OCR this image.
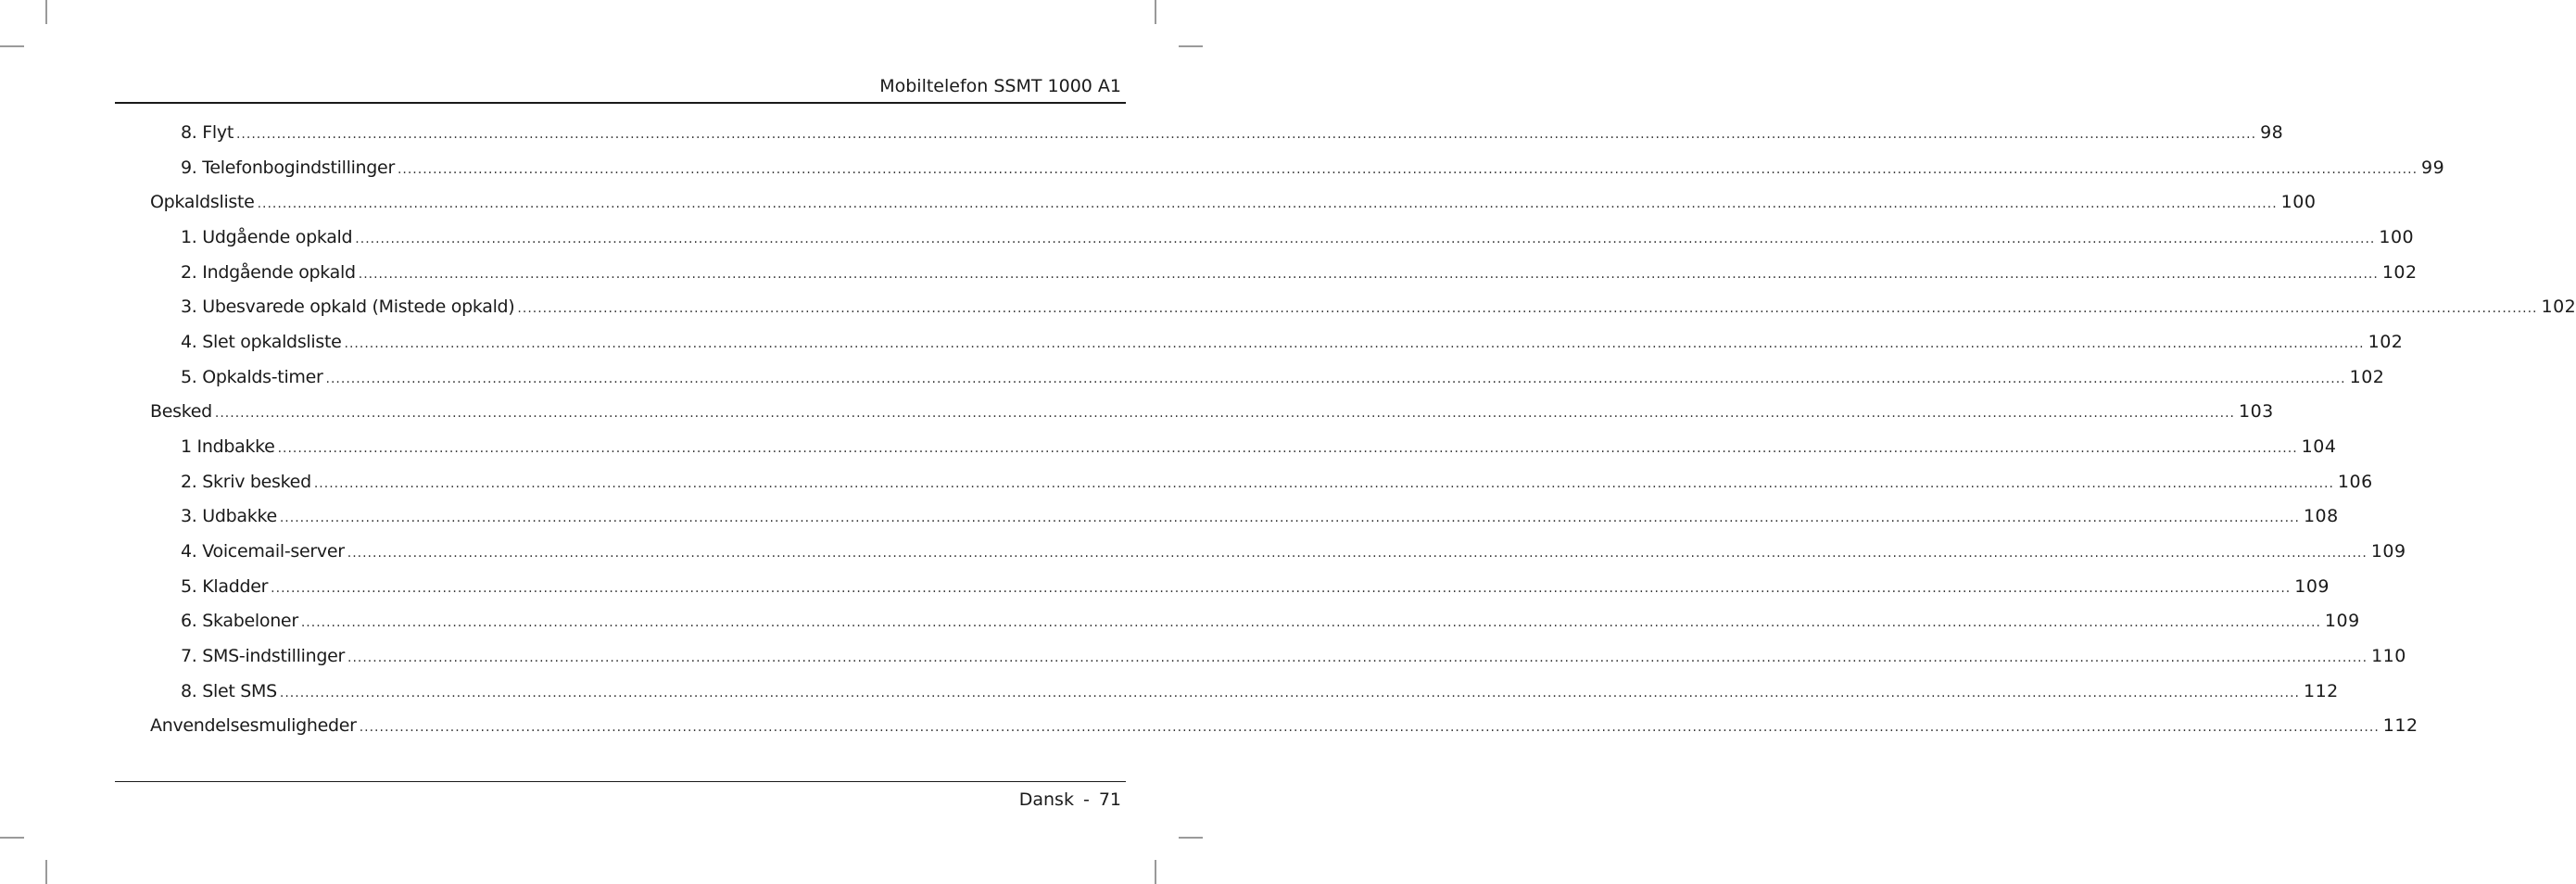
Mobiltelefon SSMT 1000 A1
8. Flyt ................................................................................................................................................................................................................................................................................................................................................................................................................ 98
9. Telefonbogindstillinger ................................................................................................................................................................................................................................................................................................................................................................................................................ 99
Opkaldsliste ................................................................................................................................................................................................................................................................................................................................................................................................................ 100
1. Udgående opkald ................................................................................................................................................................................................................................................................................................................................................................................................................ 100
2. Indgående opkald ................................................................................................................................................................................................................................................................................................................................................................................................................ 102
3. Ubesvarede opkald (Mistede opkald) ................................................................................................................................................................................................................................................................................................................................................................................................................ 102
4. Slet opkaldsliste ................................................................................................................................................................................................................................................................................................................................................................................................................ 102
5. Opkalds-timer ................................................................................................................................................................................................................................................................................................................................................................................................................ 102
Besked ................................................................................................................................................................................................................................................................................................................................................................................................................ 103
1 Indbakke ................................................................................................................................................................................................................................................................................................................................................................................................................ 104
2. Skriv besked ................................................................................................................................................................................................................................................................................................................................................................................................................ 106
3. Udbakke ................................................................................................................................................................................................................................................................................................................................................................................................................ 108
4. Voicemail-server ................................................................................................................................................................................................................................................................................................................................................................................................................ 109
5. Kladder ................................................................................................................................................................................................................................................................................................................................................................................................................ 109
6. Skabeloner ................................................................................................................................................................................................................................................................................................................................................................................................................ 109
7. SMS-indstillinger ................................................................................................................................................................................................................................................................................................................................................................................................................ 110
8. Slet SMS ................................................................................................................................................................................................................................................................................................................................................................................................................ 112
Anvendelsesmuligheder ................................................................................................................................................................................................................................................................................................................................................................................................................ 112
Dansk - 71
